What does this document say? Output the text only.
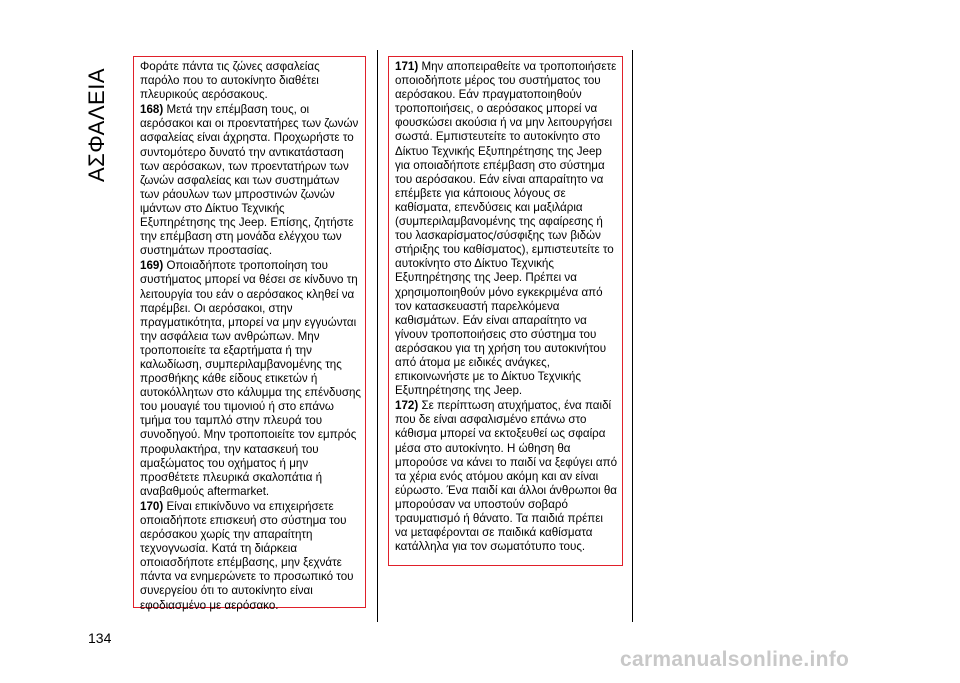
ΑΣΦΑΛΕΙΑ

Φοράτε πάντα τις ζώνες ασφαλείας παρόλο που το αυτοκίνητο διαθέτει πλευρικούς αερόσακους.

168) Μετά την επέμβαση τους, οι αερόσακοι και οι προεντατήρες των ζωνών ασφαλείας είναι άχρηστα. Προχωρήστε το συντομότερο δυνατό την αντικατάσταση των αερόσακων, των προεντατήρων των ζωνών ασφαλείας και των συστημάτων των ράουλων των μπροστινών ζωνών ιμάντων στο Δίκτυο Τεχνικής Εξυπηρέτησης της Jeep. Επίσης, ζητήστε την επέμβαση στη μονάδα ελέγχου των συστημάτων προστασίας.

169) Οποιαδήποτε τροποποίηση του συστήματος μπορεί να θέσει σε κίνδυνο τη λειτουργία του εάν ο αερόσακος κληθεί να παρέμβει. Οι αερόσακοι, στην πραγματικότητα, μπορεί να μην εγγυώνται την ασφάλεια των ανθρώπων. Μην τροποποιείτε τα εξαρτήματα ή την καλωδίωση, συμπεριλαμβανομένης της προσθήκης κάθε είδους ετικετών ή αυτοκόλλητων στο κάλυμμα της επένδυσης του μουαγιέ του τιμονιού ή στο επάνω τμήμα του ταμπλό στην πλευρά του συνοδηγού. Μην τροποποιείτε τον εμπρός προφυλακτήρα, την κατασκευή του αμαξώματος του οχήματος ή μην προσθέτετε πλευρικά σκαλοπάτια ή αναβαθμούς aftermarket.

170) Είναι επικίνδυνο να επιχειρήσετε οποιαδήποτε επισκευή στο σύστημα του αερόσακου χωρίς την απαραίτητη τεχνογνωσία. Κατά τη διάρκεια οποιασδήποτε επέμβασης, μην ξεχνάτε πάντα να ενημερώνετε το προσωπικό του συνεργείου ότι το αυτοκίνητο είναι εφοδιασμένο με αερόσακο.

171) Μην αποπειραθείτε να τροποποιήσετε οποιοδήποτε μέρος του συστήματος του αερόσακου. Εάν πραγματοποιηθούν τροποποιήσεις, ο αερόσακος μπορεί να φουσκώσει ακούσια ή να μην λειτουργήσει σωστά. Εμπιστευτείτε το αυτοκίνητο στο Δίκτυο Τεχνικής Εξυπηρέτησης της Jeep για οποιαδήποτε επέμβαση στο σύστημα του αερόσακου. Εάν είναι απαραίτητο να επέμβετε για κάποιους λόγους σε καθίσματα, επενδύσεις και μαξιλάρια (συμπεριλαμβανομένης της αφαίρεσης ή του λασκαρίσματος/σύσφιξης των βιδών στήριξης του καθίσματος), εμπιστευτείτε το αυτοκίνητο στο Δίκτυο Τεχνικής Εξυπηρέτησης της Jeep. Πρέπει να χρησιμοποιηθούν μόνο εγκεκριμένα από τον κατασκευαστή παρελκόμενα καθισμάτων. Εάν είναι απαραίτητο να γίνουν τροποποιήσεις στο σύστημα του αερόσακου για τη χρήση του αυτοκινήτου από άτομα με ειδικές ανάγκες, επικοινωνήστε με το Δίκτυο Τεχνικής Εξυπηρέτησης της Jeep.

172) Σε περίπτωση ατυχήματος, ένα παιδί που δε είναι ασφαλισμένο επάνω στο κάθισμα μπορεί να εκτοξευθεί ως σφαίρα μέσα στο αυτοκίνητο. Η ώθηση θα μπορούσε να κάνει το παιδί να ξεφύγει από τα χέρια ενός ατόμου ακόμη και αν είναι εύρωστο. Ένα παιδί και άλλοι άνθρωποι θα μπορούσαν να υποστούν σοβαρό τραυματισμό ή θάνατο. Τα παιδιά πρέπει να μεταφέρονται σε παιδικά καθίσματα κατάλληλα για τον σωματότυπο τους.

134
carmanualsonline.info
